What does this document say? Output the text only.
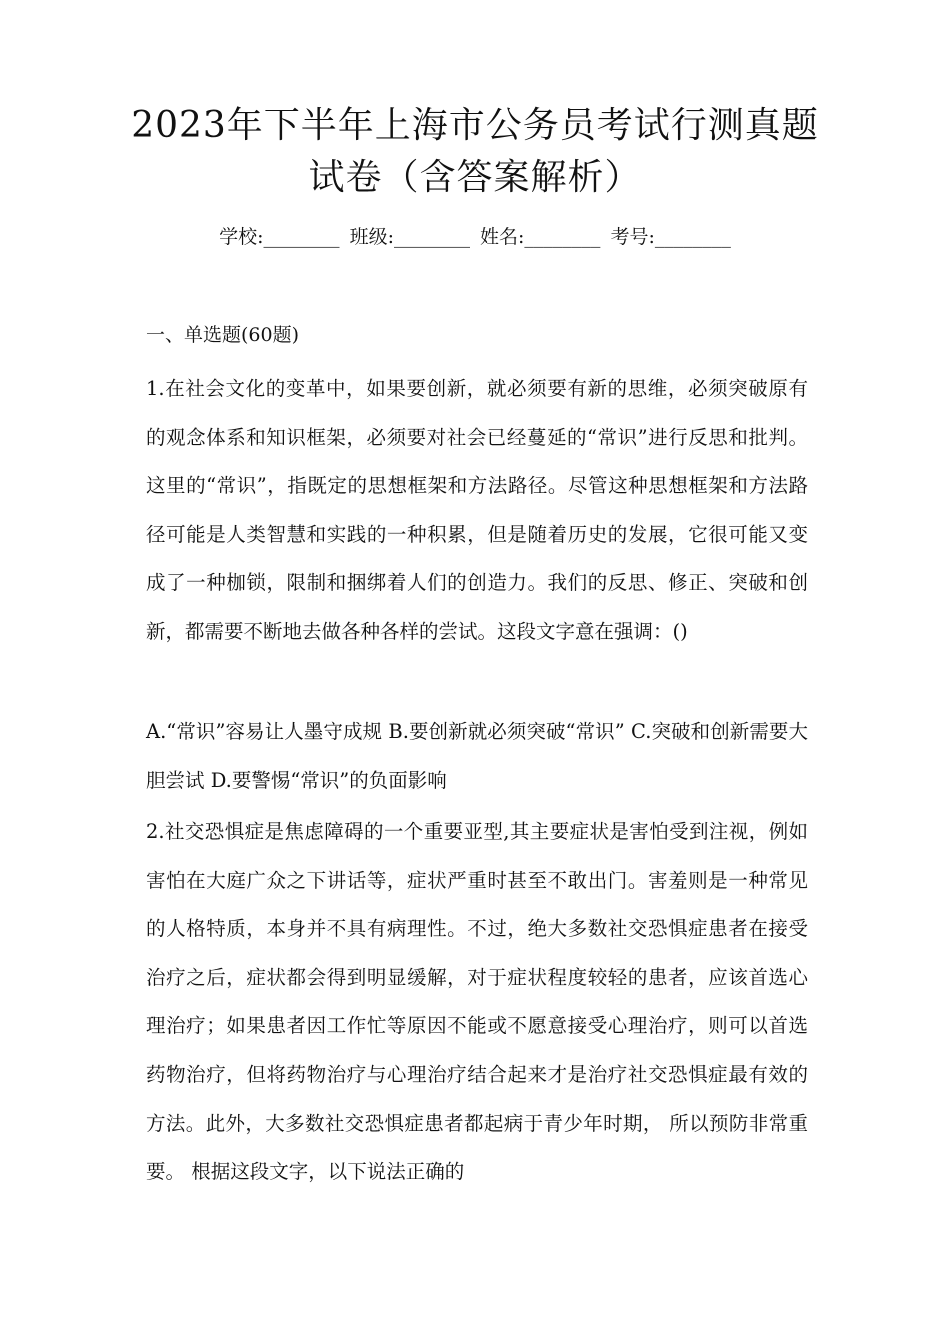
2023年下半年上海市公务员考试行测真题
试卷（含答案解析）
学校:________ 班级:________ 姓名:________ 考号:________
一、单选题(60题)

1.在社会文化的变革中，如果要创新，就必须要有新的思维，必须突破原有的观念体系和知识框架，必须要对社会已经蔓延的“常识”进行反思和批判。这里的“常识”，指既定的思想框架和方法路径。尽管这种思想框架和方法路径可能是人类智慧和实践的一种积累，但是随着历史的发展，它很可能又变成了一种枷锁，限制和捆绑着人们的创造力。我们的反思、修正、突破和创新，都需要不断地去做各种各样的尝试。这段文字意在强调：()

A.“常识”容易让人墨守成规 B.要创新就必须突破“常识” C.突破和创新需要大胆尝试 D.要警惕“常识”的负面影响

2.社交恐惧症是焦虑障碍的一个重要亚型,其主要症状是害怕受到注视，例如害怕在大庭广众之下讲话等，症状严重时甚至不敢出门。害羞则是一种常见的人格特质，本身并不具有病理性。不过，绝大多数社交恐惧症患者在接受治疗之后，症状都会得到明显缓解，对于症状程度较轻的患者，应该首选心理治疗；如果患者因工作忙等原因不能或不愿意接受心理治疗，则可以首选药物治疗，但将药物治疗与心理治疗结合起来才是治疗社交恐惧症最有效的方法。此外，大多数社交恐惧症患者都起病于青少年时期， 所以预防非常重要。 根据这段文字，以下说法正确的
